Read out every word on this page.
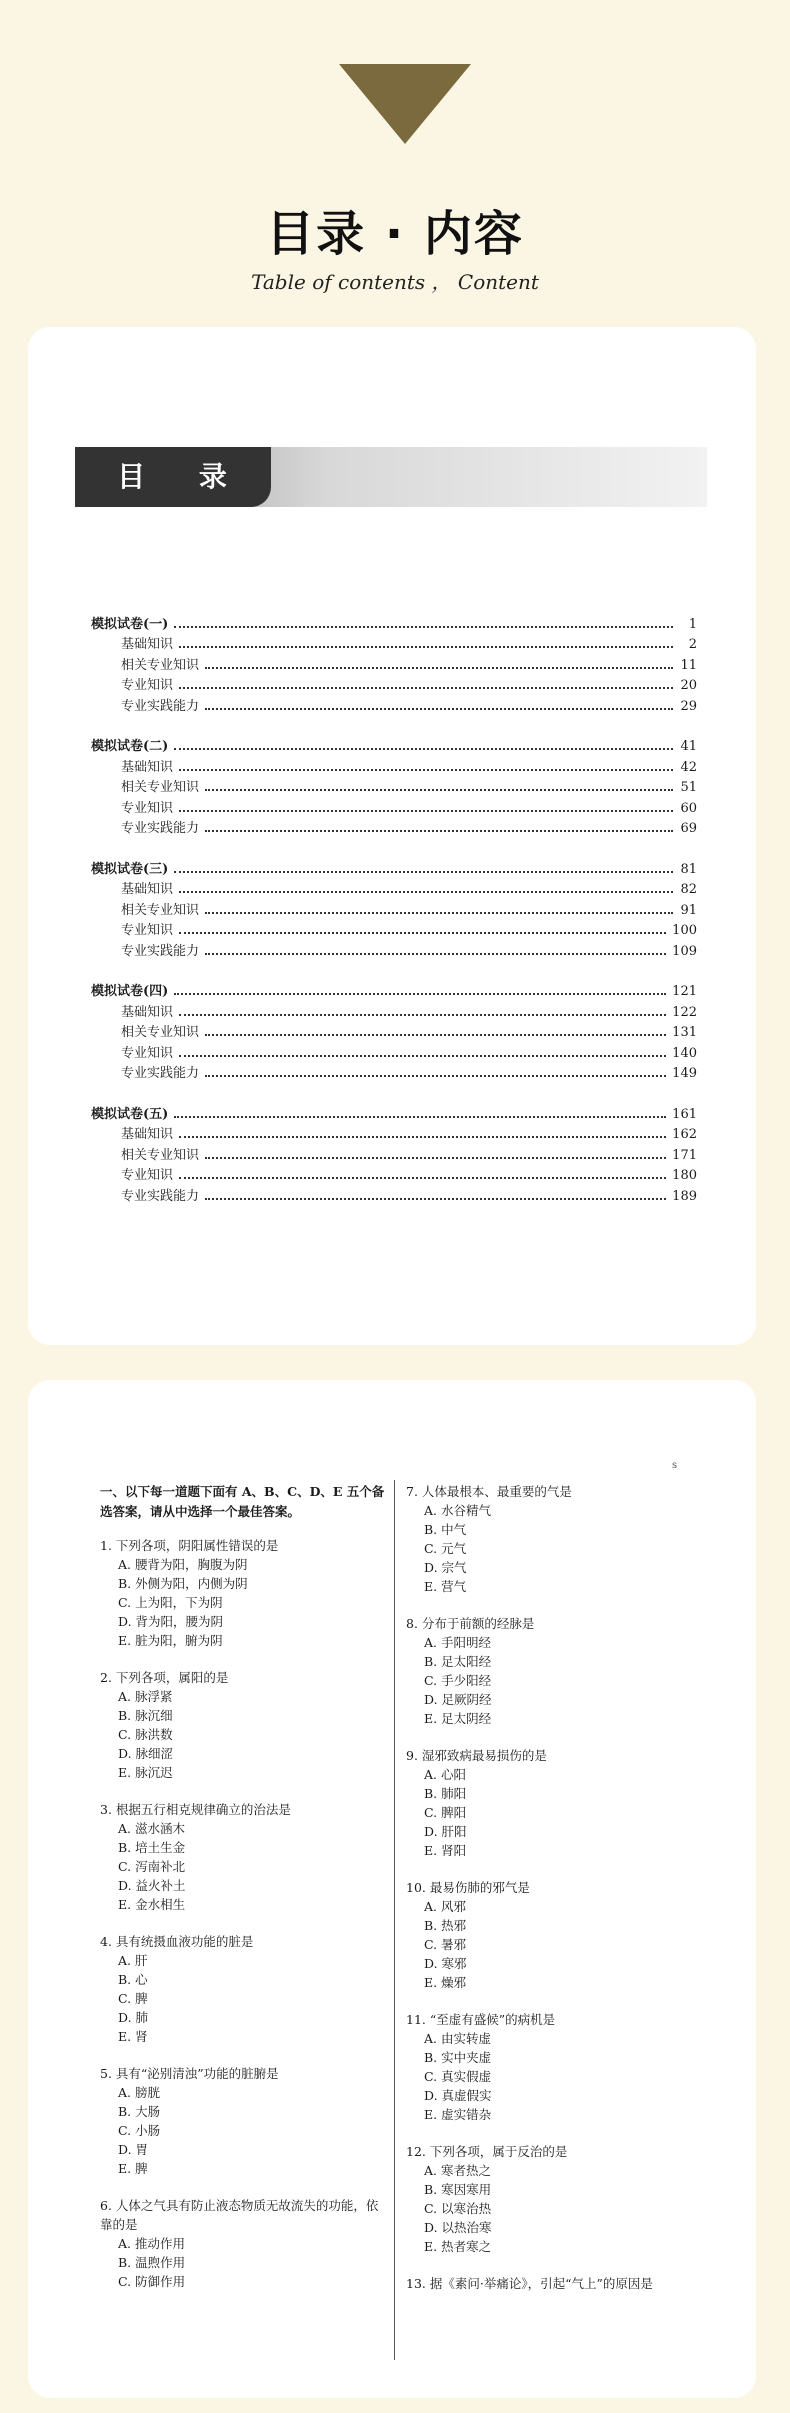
目录 · 内容
Table of contents ， Content
目 录
模拟试卷(一)	1
基础知识	2
相关专业知识	11
专业知识	20
专业实践能力	29
模拟试卷(二)	41
基础知识	42
相关专业知识	51
专业知识	60
专业实践能力	69
模拟试卷(三)	81
基础知识	82
相关专业知识	91
专业知识	100
专业实践能力	109
模拟试卷(四)	121
基础知识	122
相关专业知识	131
专业知识	140
专业实践能力	149
模拟试卷(五)	161
基础知识	162
相关专业知识	171
专业知识	180
专业实践能力	189
s
一、以下每一道题下面有 A、B、C、D、E 五个备选答案，请从中选择一个最佳答案。
1. 下列各项，阴阳属性错误的是
A. 腰背为阳，胸腹为阴
B. 外侧为阳，内侧为阴
C. 上为阳，下为阴
D. 背为阳，腰为阴
E. 脏为阳，腑为阴
2. 下列各项，属阳的是
A. 脉浮紧
B. 脉沉细
C. 脉洪数
D. 脉细涩
E. 脉沉迟
3. 根据五行相克规律确立的治法是
A. 滋水涵木
B. 培土生金
C. 泻南补北
D. 益火补土
E. 金水相生
4. 具有统摄血液功能的脏是
A. 肝
B. 心
C. 脾
D. 肺
E. 肾
5. 具有“泌别清浊”功能的脏腑是
A. 膀胱
B. 大肠
C. 小肠
D. 胃
E. 脾
6. 人体之气具有防止液态物质无故流失的功能，依靠的是
A. 推动作用
B. 温煦作用
C. 防御作用
7. 人体最根本、最重要的气是
A. 水谷精气
B. 中气
C. 元气
D. 宗气
E. 营气
8. 分布于前额的经脉是
A. 手阳明经
B. 足太阳经
C. 手少阳经
D. 足厥阴经
E. 足太阴经
9. 湿邪致病最易损伤的是
A. 心阳
B. 肺阳
C. 脾阳
D. 肝阳
E. 肾阳
10. 最易伤肺的邪气是
A. 风邪
B. 热邪
C. 暑邪
D. 寒邪
E. 燥邪
11. “至虚有盛候”的病机是
A. 由实转虚
B. 实中夹虚
C. 真实假虚
D. 真虚假实
E. 虚实错杂
12. 下列各项，属于反治的是
A. 寒者热之
B. 寒因寒用
C. 以寒治热
D. 以热治寒
E. 热者寒之
13. 据《素问·举痛论》，引起“气上”的原因是
